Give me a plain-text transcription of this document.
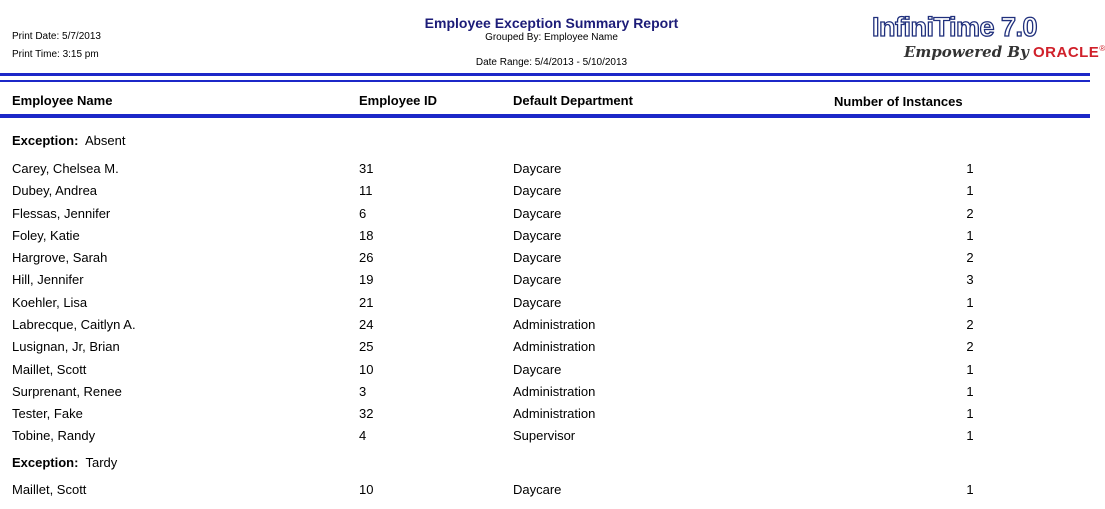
Print Date: 5/7/2013
Print Time: 3:15 pm
Employee Exception Summary Report
Grouped By: Employee Name
Date Range: 5/4/2013 - 5/10/2013
InfiniTime 7.0
Empowered By ORACLE®
Employee Name	Employee ID	Default Department	Number of Instances
Exception: Absent
Carey, Chelsea M.	31	Daycare	1
Dubey, Andrea	11	Daycare	1
Flessas, Jennifer	6	Daycare	2
Foley, Katie	18	Daycare	1
Hargrove, Sarah	26	Daycare	2
Hill, Jennifer	19	Daycare	3
Koehler, Lisa	21	Daycare	1
Labrecque, Caitlyn A.	24	Administration	2
Lusignan, Jr, Brian	25	Administration	2
Maillet, Scott	10	Daycare	1
Surprenant, Renee	3	Administration	1
Tester, Fake	32	Administration	1
Tobine, Randy	4	Supervisor	1
Exception: Tardy
Maillet, Scott	10	Daycare	1
